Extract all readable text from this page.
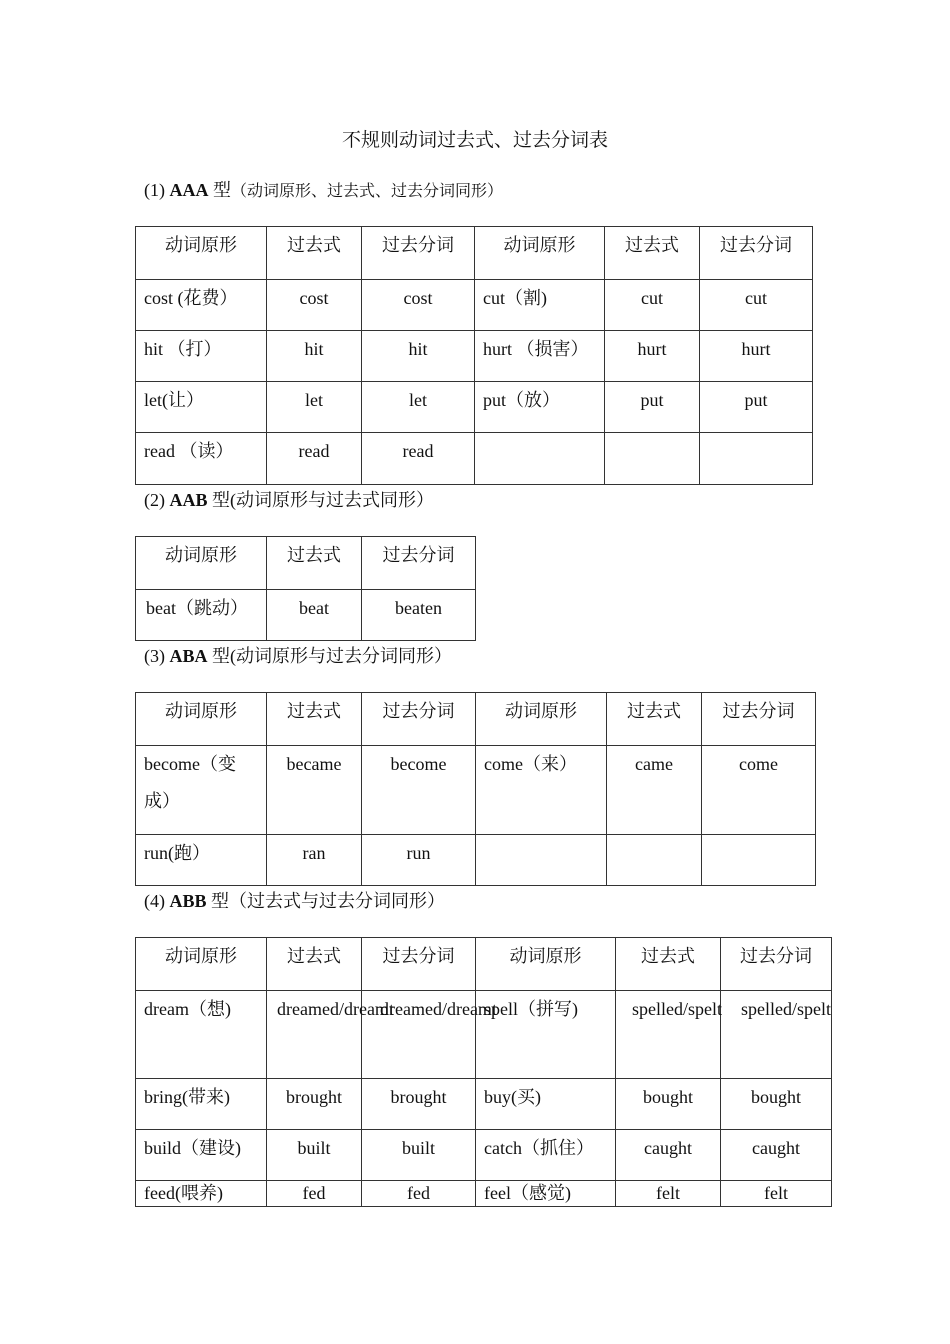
不规则动词过去式、过去分词表
(1) AAA 型（动词原形、过去式、过去分词同形）
动词原形	过去式	过去分词	动词原形	过去式	过去分词
cost (花费）	cost	cost	cut（割)	cut	cut
hit （打）	hit	hit	hurt （损害）	hurt	hurt
let(让）	let	let	put（放）	put	put
read （读）	read	read			
(2) AAB 型(动词原形与过去式同形）
动词原形	过去式	过去分词
beat（跳动）	beat	beaten
(3) ABA 型(动词原形与过去分词同形）
动词原形	过去式	过去分词	动词原形	过去式	过去分词
become（变成）	became	become	come（来）	came	come
run(跑）	ran	run			
(4) ABB 型（过去式与过去分词同形）
动词原形	过去式	过去分词	动词原形	过去式	过去分词
dream（想)	dreamed/dreamt	dreamed/dreamt	spell（拼写)	spelled/spelt	spelled/spelt
bring(带来)	brought	brought	buy(买)	bought	bought
build（建设)	built	built	catch（抓住）	caught	caught
feed(喂养)	fed	fed	feel（感觉)	felt	felt
